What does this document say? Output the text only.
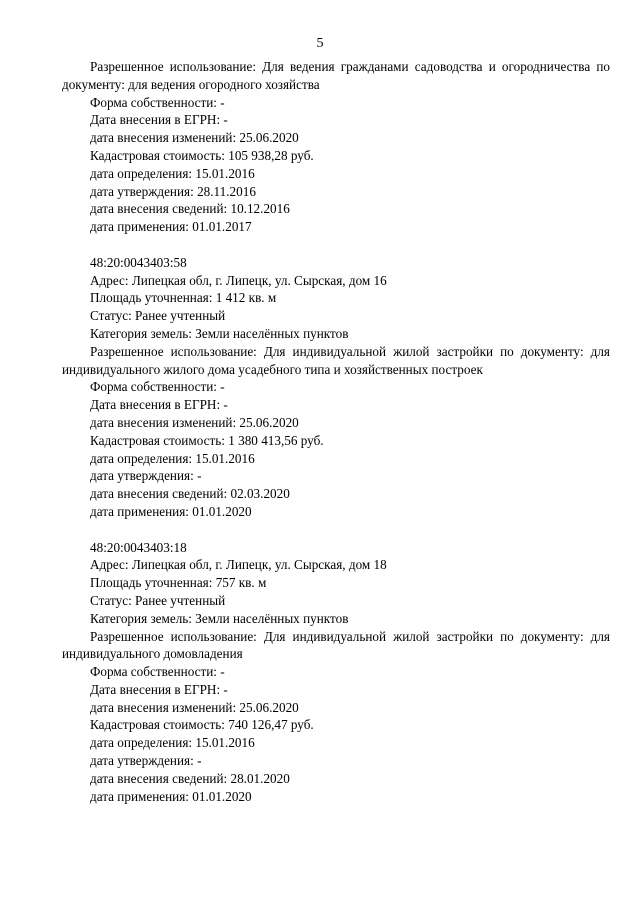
5
Разрешенное использование: Для ведения гражданами садоводства и огородничества по документу: для ведения огородного хозяйства
Форма собственности: -
Дата внесения в ЕГРН: -
дата внесения изменений: 25.06.2020
Кадастровая стоимость: 105 938,28 руб.
дата определения: 15.01.2016
дата утверждения: 28.11.2016
дата внесения сведений: 10.12.2016
дата применения: 01.01.2017
48:20:0043403:58
Адрес: Липецкая обл, г. Липецк, ул. Сырская, дом 16
Площадь уточненная: 1 412 кв. м
Статус: Ранее учтенный
Категория земель: Земли населённых пунктов
Разрешенное использование: Для индивидуальной жилой застройки по документу: для индивидуального жилого дома усадебного типа и хозяйственных построек
Форма собственности: -
Дата внесения в ЕГРН: -
дата внесения изменений: 25.06.2020
Кадастровая стоимость: 1 380 413,56 руб.
дата определения: 15.01.2016
дата утверждения: -
дата внесения сведений: 02.03.2020
дата применения: 01.01.2020
48:20:0043403:18
Адрес: Липецкая обл, г. Липецк, ул. Сырская, дом 18
Площадь уточненная: 757 кв. м
Статус: Ранее учтенный
Категория земель: Земли населённых пунктов
Разрешенное использование: Для индивидуальной жилой застройки по документу: для индивидуального домовладения
Форма собственности: -
Дата внесения в ЕГРН: -
дата внесения изменений: 25.06.2020
Кадастровая стоимость: 740 126,47 руб.
дата определения: 15.01.2016
дата утверждения: -
дата внесения сведений: 28.01.2020
дата применения: 01.01.2020
